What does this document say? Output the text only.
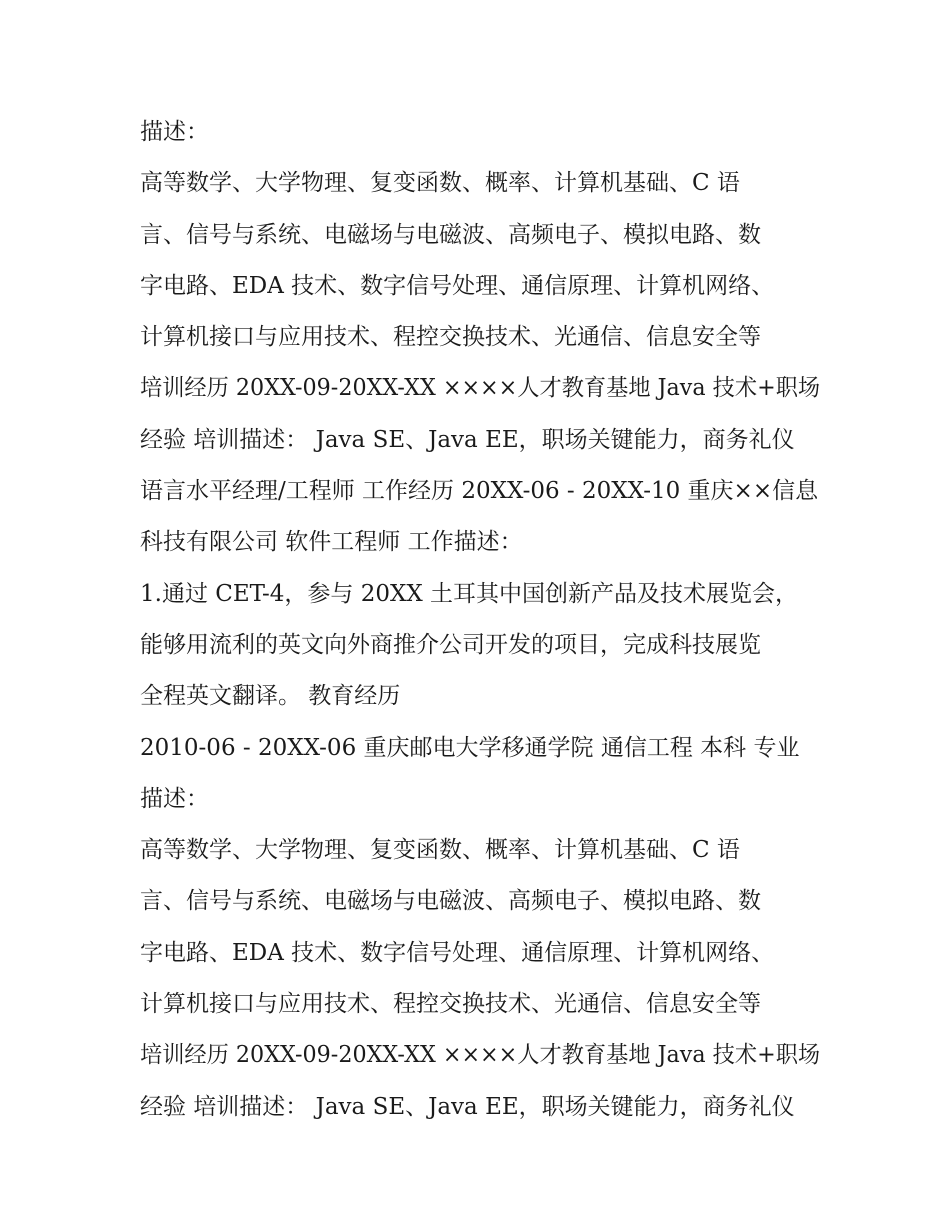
描述：
高等数学、大学物理、复变函数、概率、计算机基础、C 语
言、信号与系统、电磁场与电磁波、高频电子、模拟电路、数
字电路、EDA 技术、数字信号处理、通信原理、计算机网络、
计算机接口与应用技术、程控交换技术、光通信、信息安全等
培训经历 20XX-09-20XX-XX ××××人才教育基地 Java 技术+职场
经验 培训描述： Java SE、Java EE，职场关键能力，商务礼仪
语言水平经理/工程师 工作经历 20XX-06 - 20XX-10 重庆××信息
科技有限公司 软件工程师 工作描述：
1.通过 CET-4，参与 20XX 土耳其中国创新产品及技术展览会，
能够用流利的英文向外商推介公司开发的项目，完成科技展览
全程英文翻译。 教育经历
2010-06 - 20XX-06 重庆邮电大学移通学院 通信工程 本科 专业
描述：
高等数学、大学物理、复变函数、概率、计算机基础、C 语
言、信号与系统、电磁场与电磁波、高频电子、模拟电路、数
字电路、EDA 技术、数字信号处理、通信原理、计算机网络、
计算机接口与应用技术、程控交换技术、光通信、信息安全等
培训经历 20XX-09-20XX-XX ××××人才教育基地 Java 技术+职场
经验 培训描述： Java SE、Java EE，职场关键能力，商务礼仪
